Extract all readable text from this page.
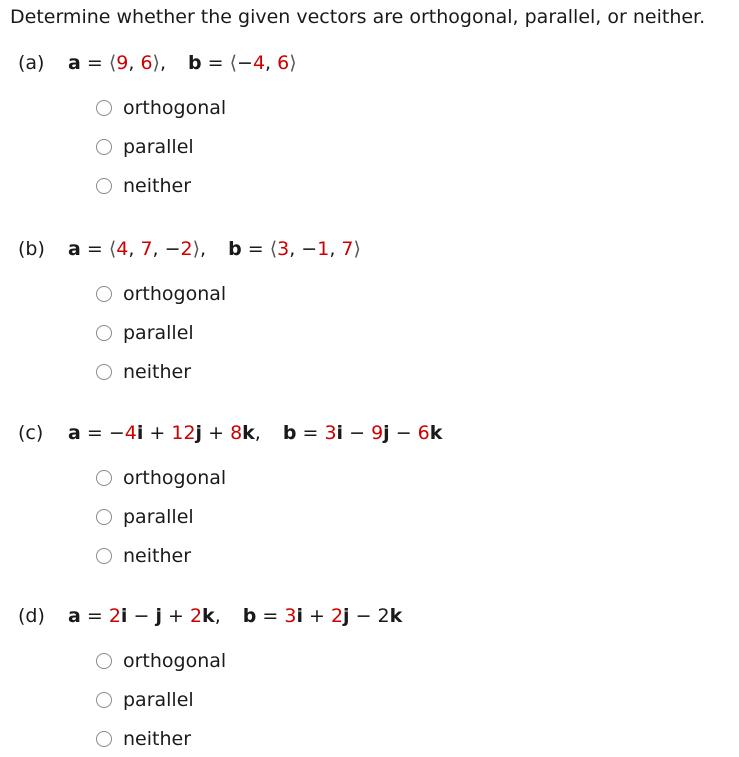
Determine whether the given vectors are orthogonal, parallel, or neither.
(a) a = ⟨9, 6⟩, b = ⟨−4, 6⟩
orthogonal
parallel
neither
(b) a = ⟨4, 7, −2⟩, b = ⟨3, −1, 7⟩
orthogonal
parallel
neither
(c) a = −4i + 12j + 8k, b = 3i − 9j − 6k
orthogonal
parallel
neither
(d) a = 2i − j + 2k, b = 3i + 2j − 2k
orthogonal
parallel
neither
